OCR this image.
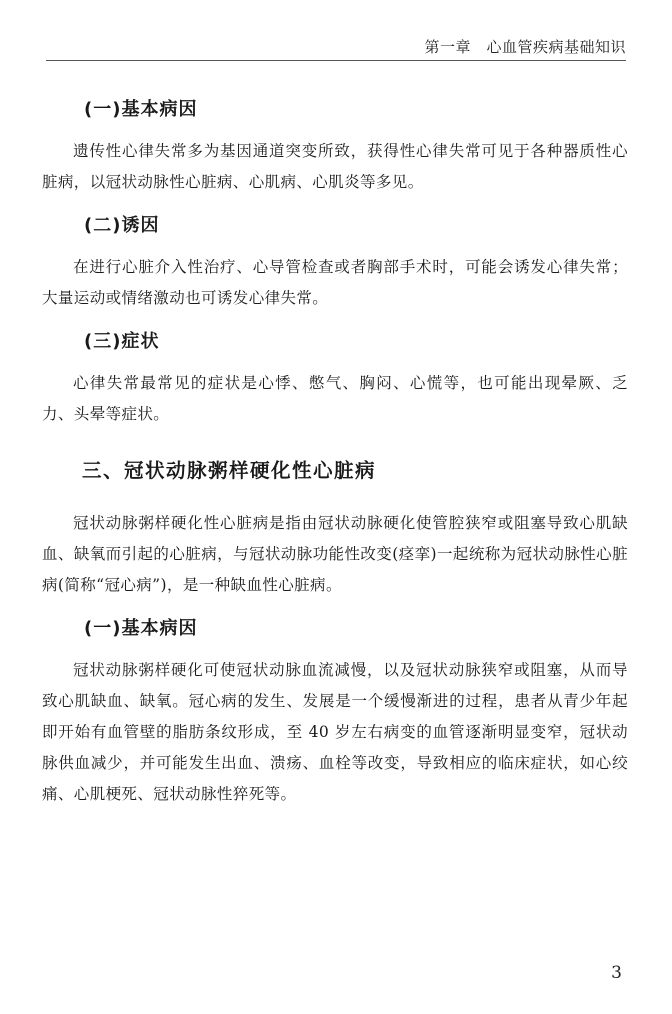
第一章　心血管疾病基础知识
(一)基本病因

遗传性心律失常多为基因通道突变所致，获得性心律失常可见于各种器质性心脏病，以冠状动脉性心脏病、心肌病、心肌炎等多见。

(二)诱因

在进行心脏介入性治疗、心导管检查或者胸部手术时，可能会诱发心律失常；大量运动或情绪激动也可诱发心律失常。

(三)症状

心律失常最常见的症状是心悸、憋气、胸闷、心慌等，也可能出现晕厥、乏力、头晕等症状。

三、冠状动脉粥样硬化性心脏病

冠状动脉粥样硬化性心脏病是指由冠状动脉硬化使管腔狭窄或阻塞导致心肌缺血、缺氧而引起的心脏病，与冠状动脉功能性改变(痉挛)一起统称为冠状动脉性心脏病(简称“冠心病”)，是一种缺血性心脏病。

(一)基本病因

冠状动脉粥样硬化可使冠状动脉血流减慢，以及冠状动脉狭窄或阻塞，从而导致心肌缺血、缺氧。冠心病的发生、发展是一个缓慢渐进的过程，患者从青少年起即开始有血管壁的脂肪条纹形成，至 40 岁左右病变的血管逐渐明显变窄，冠状动脉供血减少，并可能发生出血、溃疡、血栓等改变，导致相应的临床症状，如心绞痛、心肌梗死、冠状动脉性猝死等。

3
